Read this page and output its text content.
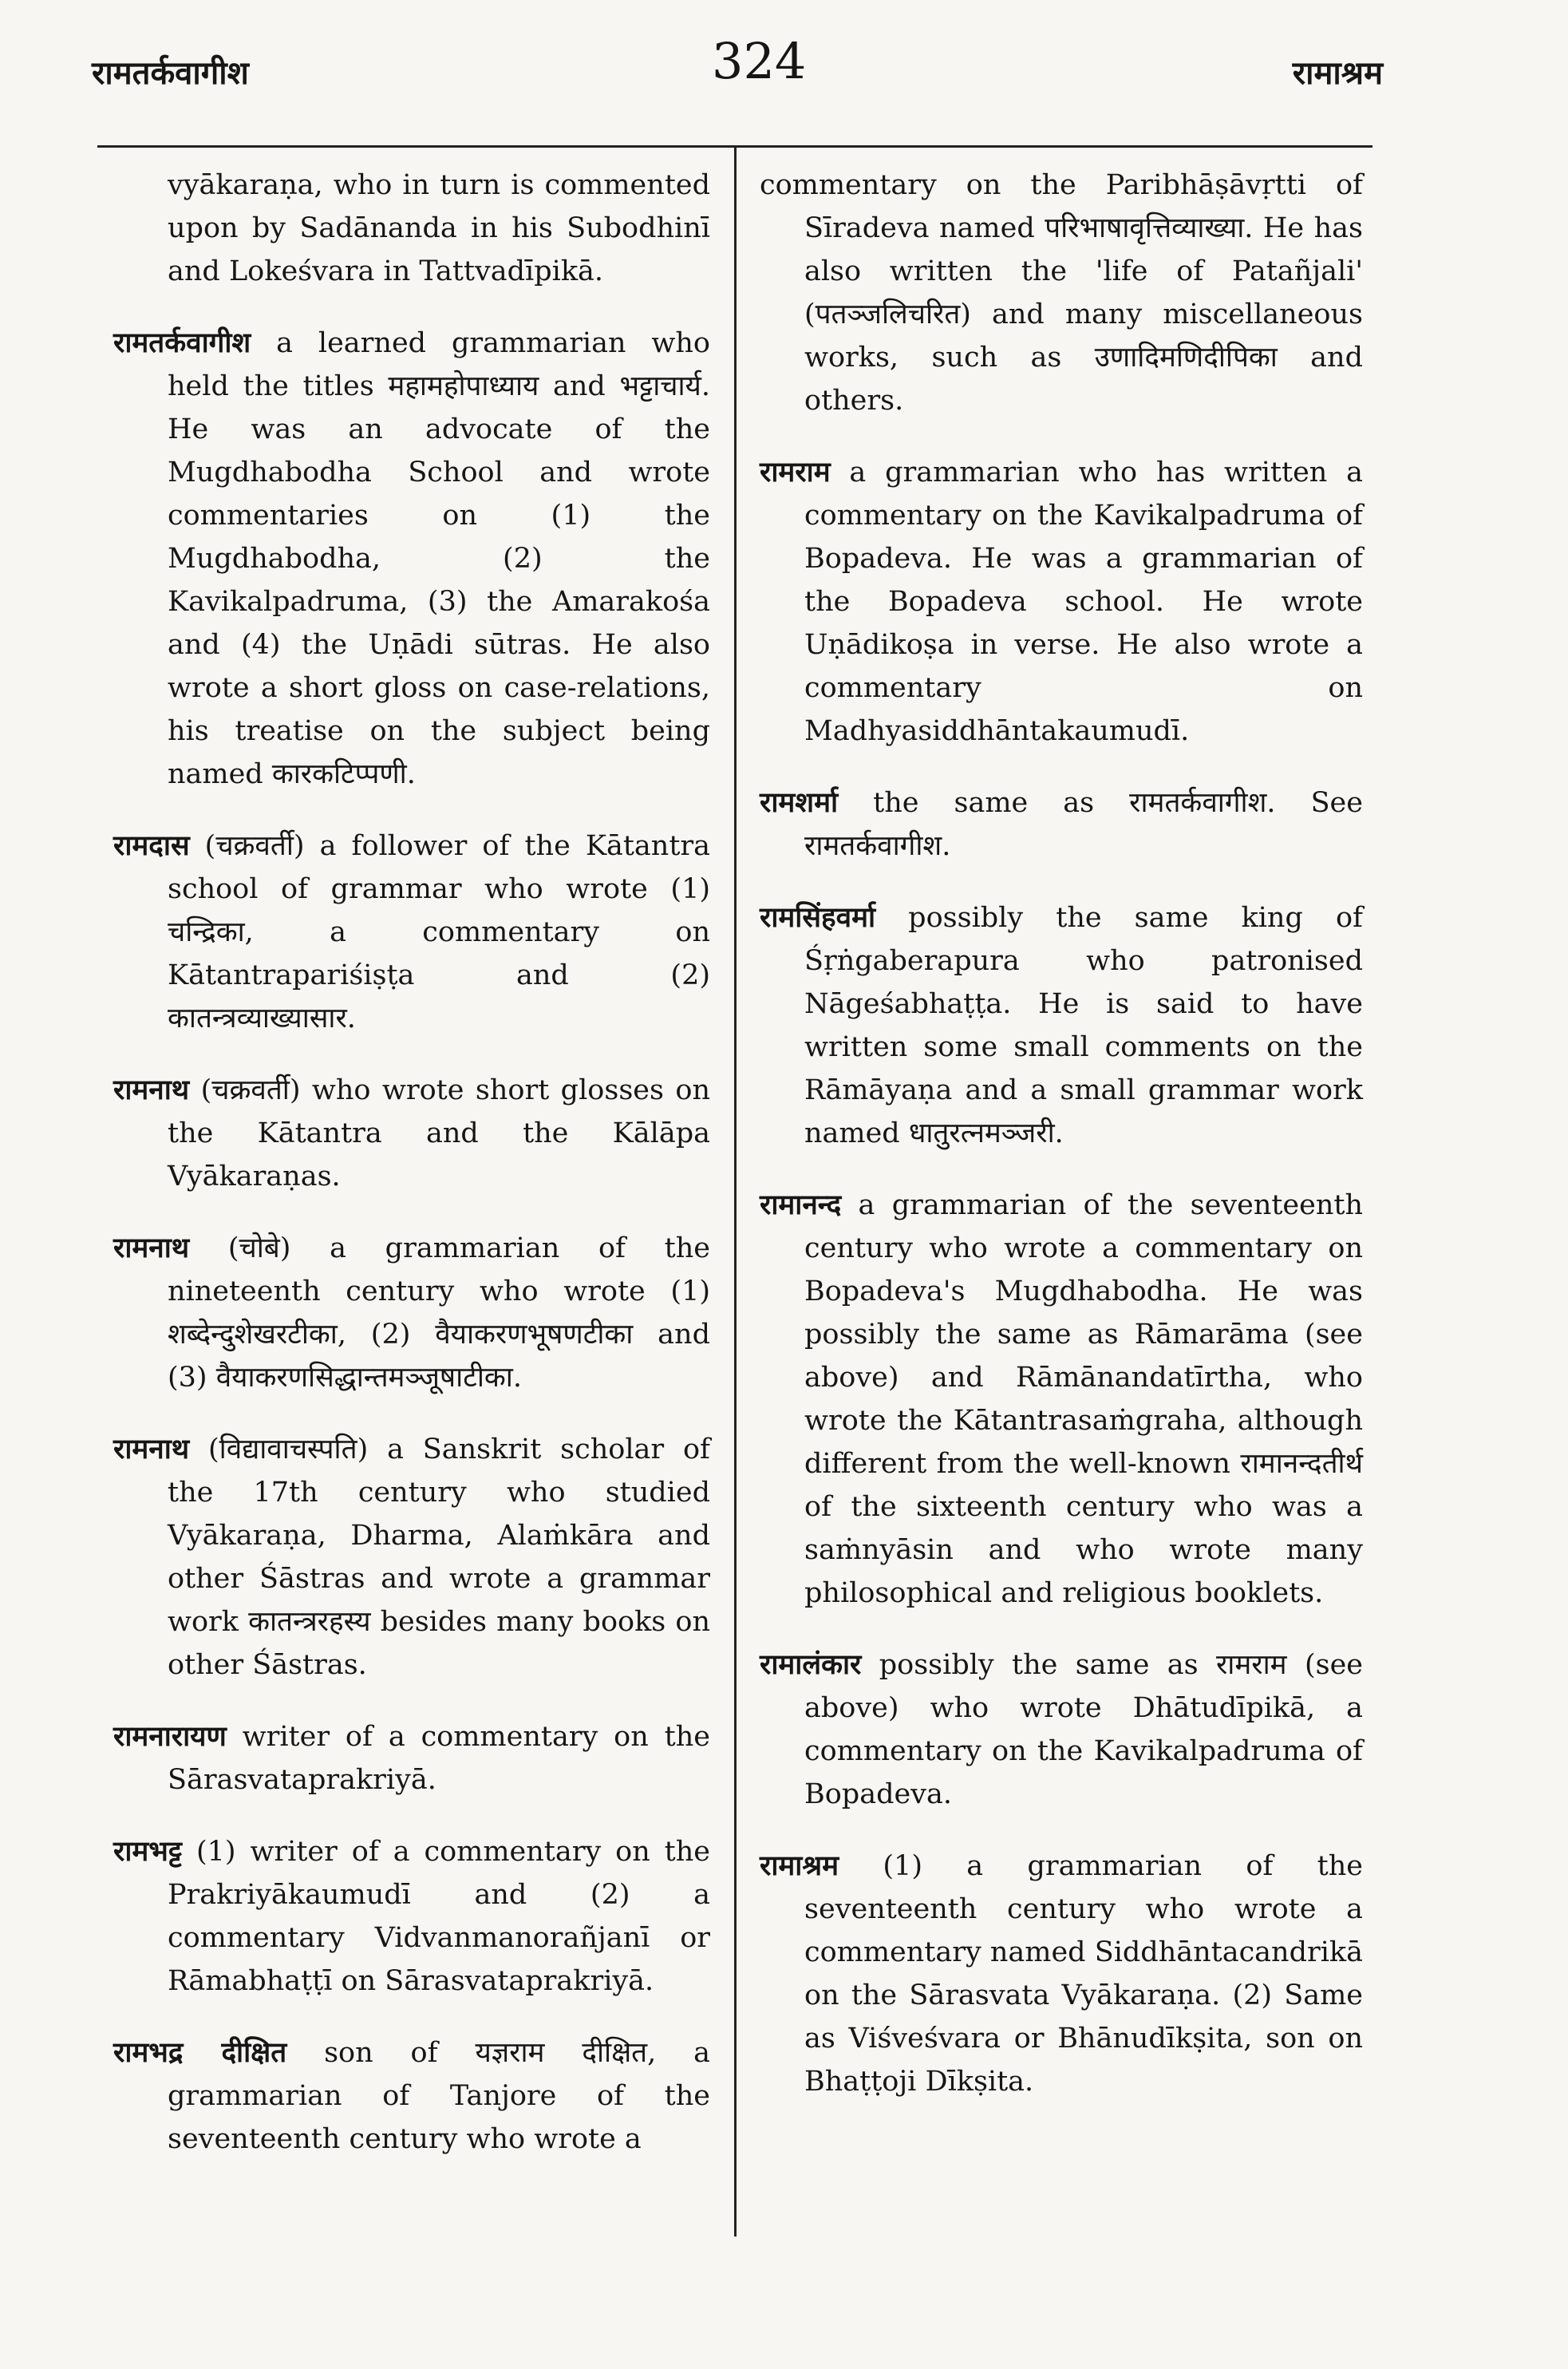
रामतर्कवागीश	324	रामाश्रम

vyākaraṇa, who in turn is commented upon by Sadānanda in his Subodhinī and Lokeśvara in Tattvadīpikā.

रामतर्कवागीश a learned grammarian who held the titles महामहोपाध्याय and भट्टाचार्य. He was an advocate of the Mugdhabodha School and wrote commentaries on (1) the Mugdhabodha, (2) the Kavikalpadruma, (3) the Amarakośa and (4) the Uṇādi sūtras. He also wrote a short gloss on case-relations, his treatise on the subject being named कारकटिप्पणी.

रामदास (चक्रवर्ती) a follower of the Kātantra school of grammar who wrote (1) चन्द्रिका, a commentary on Kātantrapariśiṣṭa and (2) कातन्त्रव्याख्यासार.

रामनाथ (चक्रवर्ती) who wrote short glosses on the Kātantra and the Kālāpa Vyākaraṇas.

रामनाथ (चोबे) a grammarian of the nineteenth century who wrote (1) शब्देन्दुशेखरटीका, (2) वैयाकरणभूषणटीका and (3) वैयाकरणसिद्धान्तमञ्जूषाटीका.

रामनाथ (विद्यावाचस्पति) a Sanskrit scholar of the 17th century who studied Vyākaraṇa, Dharma, Alaṁkāra and other Śāstras and wrote a grammar work कातन्त्ररहस्य besides many books on other Śāstras.

रामनारायण writer of a commentary on the Sārasvataprakriyā.

रामभट्ट (1) writer of a commentary on the Prakriyākaumudī and (2) a commentary Vidvanmanorañjanī or Rāmabhaṭṭī on Sārasvataprakriyā.

रामभद्र दीक्षित son of यज्ञराम दीक्षित, a grammarian of Tanjore of the seventeenth century who wrote a

commentary on the Paribhāṣāvṛtti of Sīradeva named परिभाषावृत्तिव्याख्या. He has also written the 'life of Patañjali' (पतञ्जलिचरित) and many miscellaneous works, such as उणादिमणिदीपिका and others.

रामराम a grammarian who has written a commentary on the Kavikalpadruma of Bopadeva. He was a grammarian of the Bopadeva school. He wrote Uṇādikoṣa in verse. He also wrote a commentary on Madhyasiddhāntakaumudī.

रामशर्मा the same as रामतर्कवागीश. See रामतर्कवागीश.

रामसिंहवर्मा possibly the same king of Śṛṅgaberapura who patronised Nāgeśabhaṭṭa. He is said to have written some small comments on the Rāmāyaṇa and a small grammar work named धातुरत्नमञ्जरी.

रामानन्द a grammarian of the seventeenth century who wrote a commentary on Bopadeva's Mugdhabodha. He was possibly the same as Rāmarāma (see above) and Rāmānandatīrtha, who wrote the Kātantrasaṁgraha, although different from the well-known रामानन्दतीर्थ of the sixteenth century who was a saṁnyāsin and who wrote many philosophical and religious booklets.

रामालंकार possibly the same as रामराम (see above) who wrote Dhātudīpikā, a commentary on the Kavikalpadruma of Bopadeva.

रामाश्रम (1) a grammarian of the seventeenth century who wrote a commentary named Siddhāntacandrikā on the Sārasvata Vyākaraṇa. (2) Same as Viśveśvara or Bhānudīkṣita, son on Bhaṭṭoji Dīkṣita.
